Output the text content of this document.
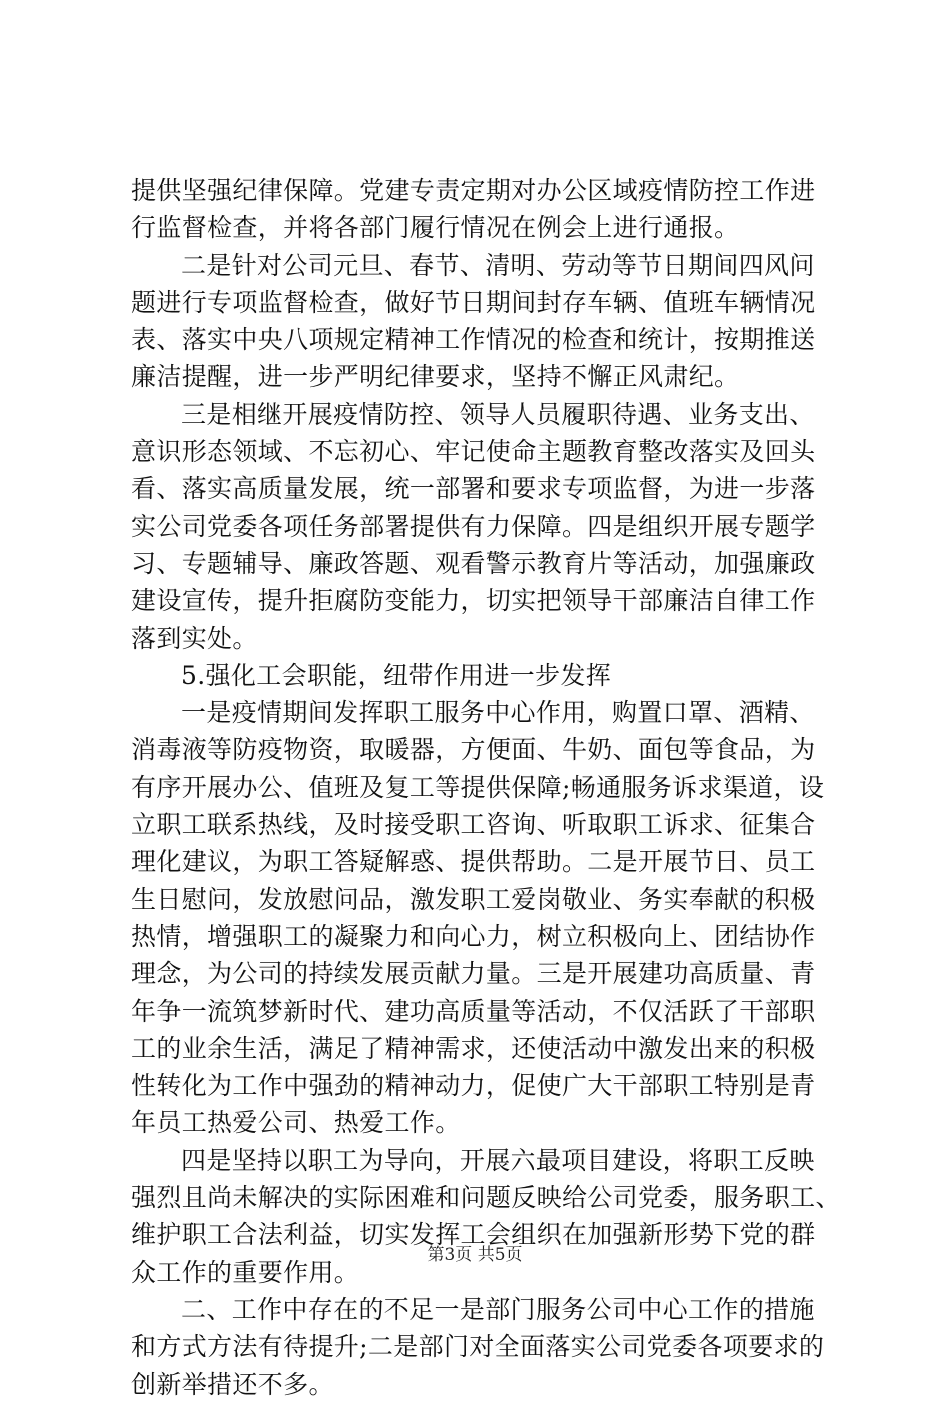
提供坚强纪律保障。党建专责定期对办公区域疫情防控工作进
行监督检查，并将各部门履行情况在例会上进行通报。
二是针对公司元旦、春节、清明、劳动等节日期间四风问
题进行专项监督检查，做好节日期间封存车辆、值班车辆情况
表、落实中央八项规定精神工作情况的检查和统计，按期推送
廉洁提醒，进一步严明纪律要求，坚持不懈正风肃纪。
三是相继开展疫情防控、领导人员履职待遇、业务支出、
意识形态领域、不忘初心、牢记使命主题教育整改落实及回头
看、落实高质量发展，统一部署和要求专项监督，为进一步落
实公司党委各项任务部署提供有力保障。四是组织开展专题学
习、专题辅导、廉政答题、观看警示教育片等活动，加强廉政
建设宣传，提升拒腐防变能力，切实把领导干部廉洁自律工作
落到实处。
5.强化工会职能，纽带作用进一步发挥
一是疫情期间发挥职工服务中心作用，购置口罩、酒精、
消毒液等防疫物资，取暖器，方便面、牛奶、面包等食品，为
有序开展办公、值班及复工等提供保障;畅通服务诉求渠道，设
立职工联系热线，及时接受职工咨询、听取职工诉求、征集合
理化建议，为职工答疑解惑、提供帮助。二是开展节日、员工
生日慰问，发放慰问品，激发职工爱岗敬业、务实奉献的积极
热情，增强职工的凝聚力和向心力，树立积极向上、团结协作
理念，为公司的持续发展贡献力量。三是开展建功高质量、青
年争一流筑梦新时代、建功高质量等活动，不仅活跃了干部职
工的业余生活，满足了精神需求，还使活动中激发出来的积极
性转化为工作中强劲的精神动力，促使广大干部职工特别是青
年员工热爱公司、热爱工作。
四是坚持以职工为导向，开展六最项目建设，将职工反映
强烈且尚未解决的实际困难和问题反映给公司党委，服务职工、
维护职工合法利益，切实发挥工会组织在加强新形势下党的群
众工作的重要作用。
二、工作中存在的不足一是部门服务公司中心工作的措施
和方式方法有待提升;二是部门对全面落实公司党委各项要求的
创新举措还不多。
第3页 共5页
